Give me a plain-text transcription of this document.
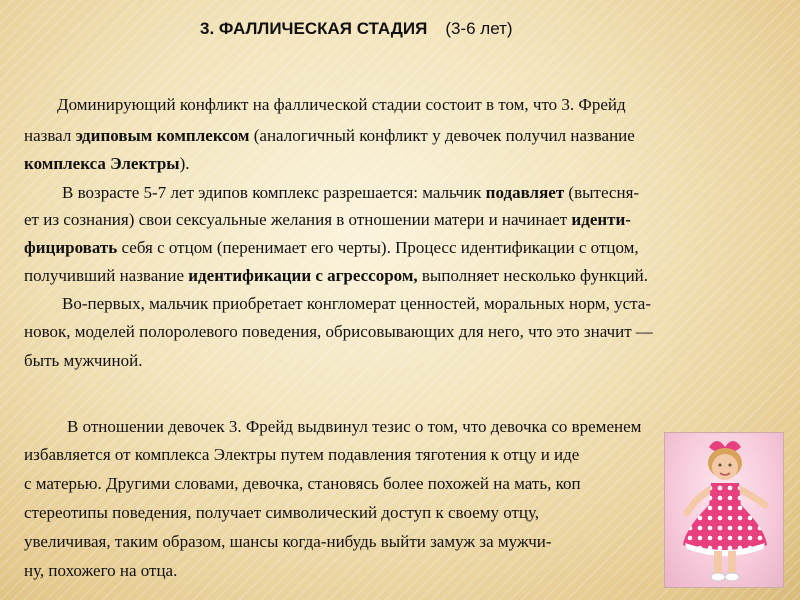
3. ФАЛЛИЧЕСКАЯ СТАДИЯ (3-6 лет)
Доминирующий конфликт на фаллической стадии состоит в том, что 3. Фрейд
назвал эдиповым комплексом (аналогичный конфликт у девочек получил название
комплекса Электры).
В возрасте 5-7 лет эдипов комплекс разрешается: мальчик подавляет (вытесня-
ет из сознания) свои сексуальные желания в отношении матери и начинает иденти-
фицировать себя с отцом (перенимает его черты). Процесс идентификации с отцом,
получивший название идентификации с агрессором, выполняет несколько функций.
Во-первых, мальчик приобретает конгломерат ценностей, моральных норм, уста-
новок, моделей полоролевого поведения, обрисовывающих для него, что это значит —
быть мужчиной.
В отношении девочек 3. Фрейд выдвинул тезис о том, что девочка со временем
избавляется от комплекса Электры путем подавления тяготения к отцу и иде
с матерью. Другими словами, девочка, становясь более похожей на мать, коп
стереотипы поведения, получает символический доступ к своему отцу,
увеличивая, таким образом, шансы когда-нибудь выйти замуж за мужчи-
ну, похожего на отца.
